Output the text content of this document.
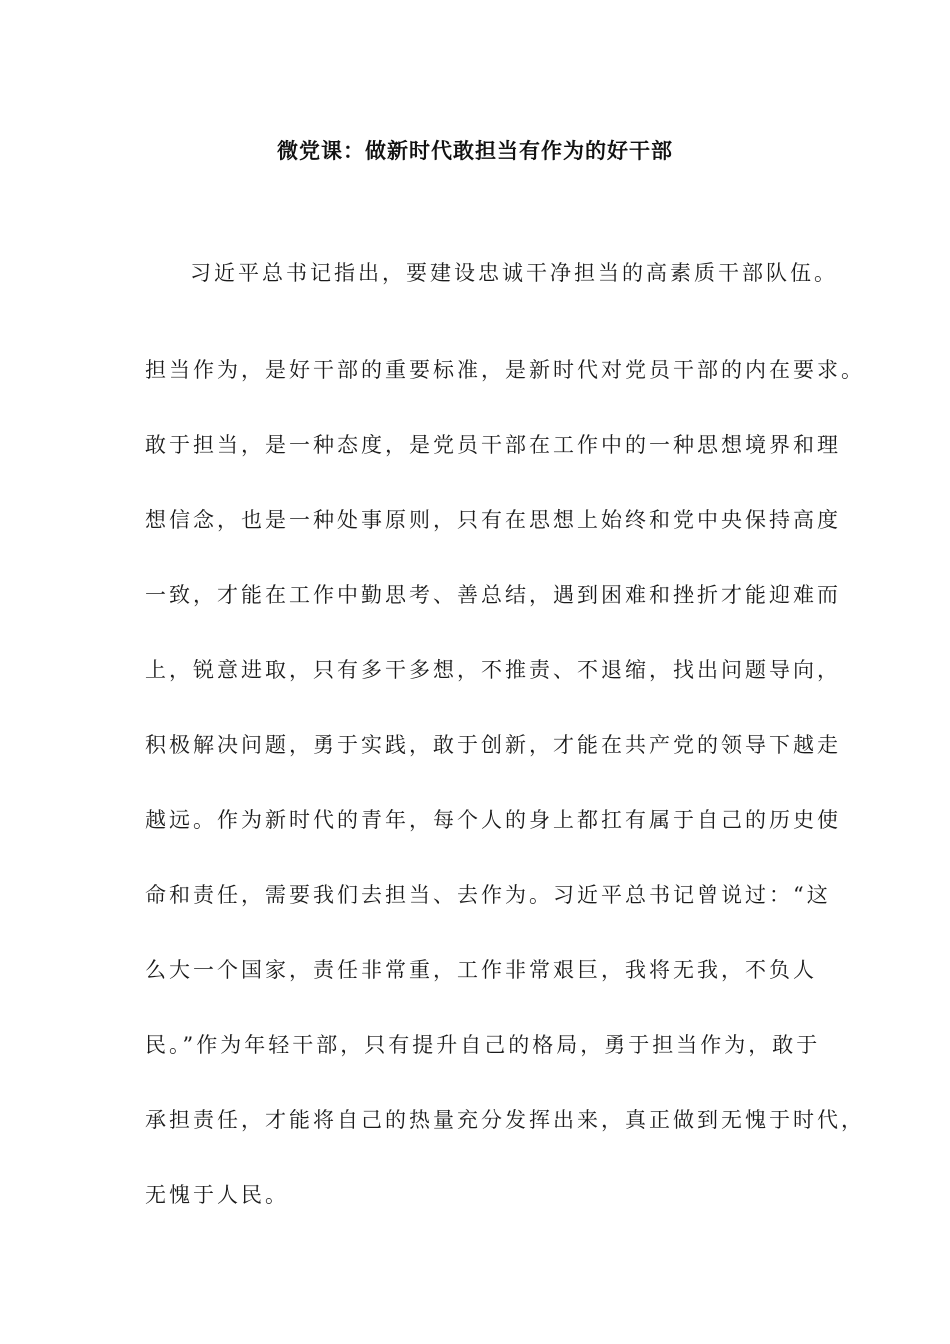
微党课：做新时代敢担当有作为的好干部
习近平总书记指出，要建设忠诚干净担当的高素质干部队伍。
担当作为，是好干部的重要标准，是新时代对党员干部的内在要求。
敢于担当，是一种态度，是党员干部在工作中的一种思想境界和理
想信念，也是一种处事原则，只有在思想上始终和党中央保持高度
一致，才能在工作中勤思考、善总结，遇到困难和挫折才能迎难而
上，锐意进取，只有多干多想，不推责、不退缩，找出问题导向，
积极解决问题，勇于实践，敢于创新，才能在共产党的领导下越走
越远。作为新时代的青年，每个人的身上都扛有属于自己的历史使
命和责任，需要我们去担当、去作为。习近平总书记曾说过：“这
么大一个国家，责任非常重，工作非常艰巨，我将无我，不负人
民。”作为年轻干部，只有提升自己的格局，勇于担当作为，敢于
承担责任，才能将自己的热量充分发挥出来，真正做到无愧于时代，
无愧于人民。
